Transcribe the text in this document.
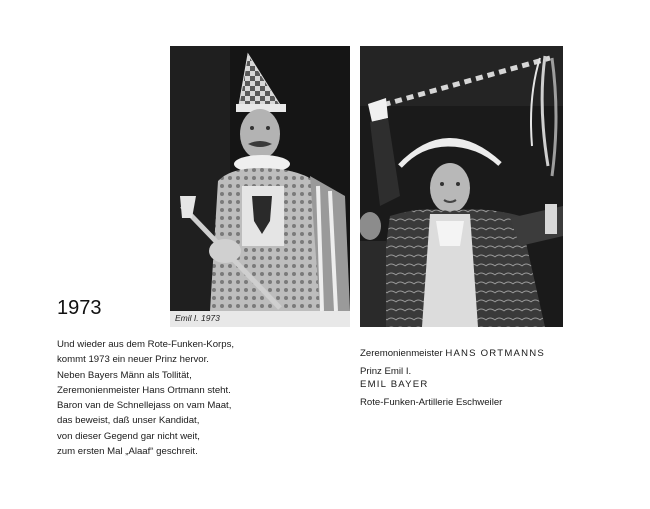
Emil I. 1973
1973
Und wieder aus dem Rote-Funken-Korps,
kommt 1973 ein neuer Prinz hervor.
Neben Bayers Männ als Tollität,
Zeremonienmeister Hans Ortmann steht.
Baron van de Schnellejass on vam Maat,
das beweist, daß unser Kandidat,
von dieser Gegend gar nicht weit,
zum ersten Mal „Alaaf“ geschreit.
Zeremonienmeister HANS ORTMANNS
Prinz Emil I.
EMIL BAYER
Rote-Funken-Artillerie Eschweiler
